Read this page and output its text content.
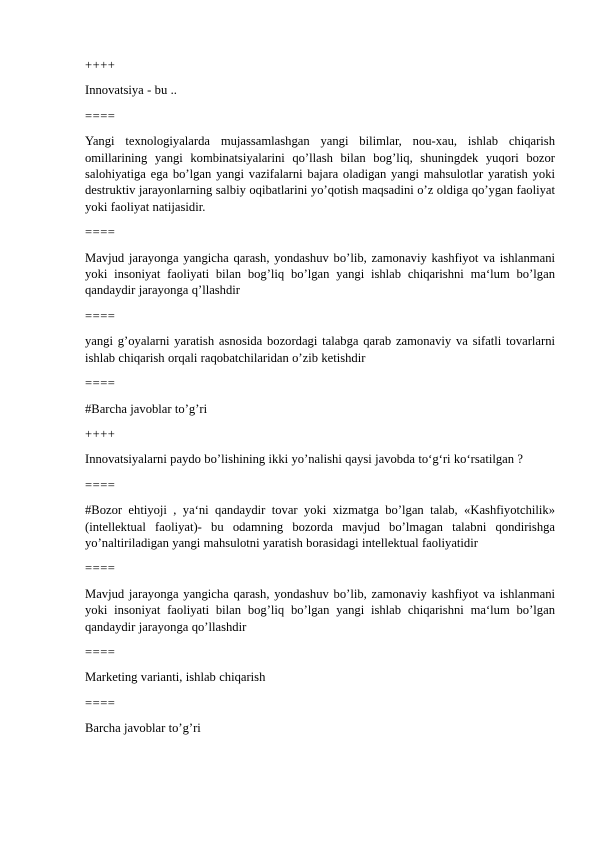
++++
Innovatsiya - bu ..
====
Yangi texnologiyalarda mujassamlashgan yangi bilimlar, nou-xau, ishlab chiqarish omillarining yangi kombinatsiyalarini qo’llash bilan bog’liq, shuningdek yuqori bozor salohiyatiga ega bo’lgan yangi vazifalarni bajara oladigan yangi mahsulotlar yaratish yoki destruktiv jarayonlarning salbiy oqibatlarini yo’qotish maqsadini o’z oldiga qo’ygan faoliyat yoki faoliyat natijasidir.
====
Mavjud jarayonga yangicha qarash, yondashuv bo’lib, zamonaviy kashfiyot va ishlanmani yoki insoniyat faoliyati bilan bog’liq bo’lgan yangi ishlab chiqarishni ma‘lum bo’lgan qandaydir jarayonga q’llashdir
====
yangi g’oyalarni yaratish asnosida bozordagi talabga qarab zamonaviy va sifatli tovarlarni ishlab chiqarish orqali raqobatchilaridan o’zib ketishdir
====
#Barcha javoblar to’g’ri
++++
Innovatsiyalarni paydo bo’lishining ikki yo’nalishi qaysi javobda to‘g‘ri ko‘rsatilgan ?
====
#Bozor ehtiyoji , ya‘ni qandaydir tovar yoki xizmatga bo’lgan talab, «Kashfiyotchilik» (intellektual faoliyat)- bu odamning bozorda mavjud bo’lmagan talabni qondirishga yo’naltiriladigan yangi mahsulotni yaratish borasidagi intellektual faoliyatidir
====
Mavjud jarayonga yangicha qarash, yondashuv bo’lib, zamonaviy kashfiyot va ishlanmani yoki insoniyat faoliyati bilan bog’liq bo’lgan yangi ishlab chiqarishni ma‘lum bo’lgan qandaydir jarayonga qo’llashdir
====
Marketing varianti, ishlab chiqarish
====
Barcha javoblar to’g’ri
